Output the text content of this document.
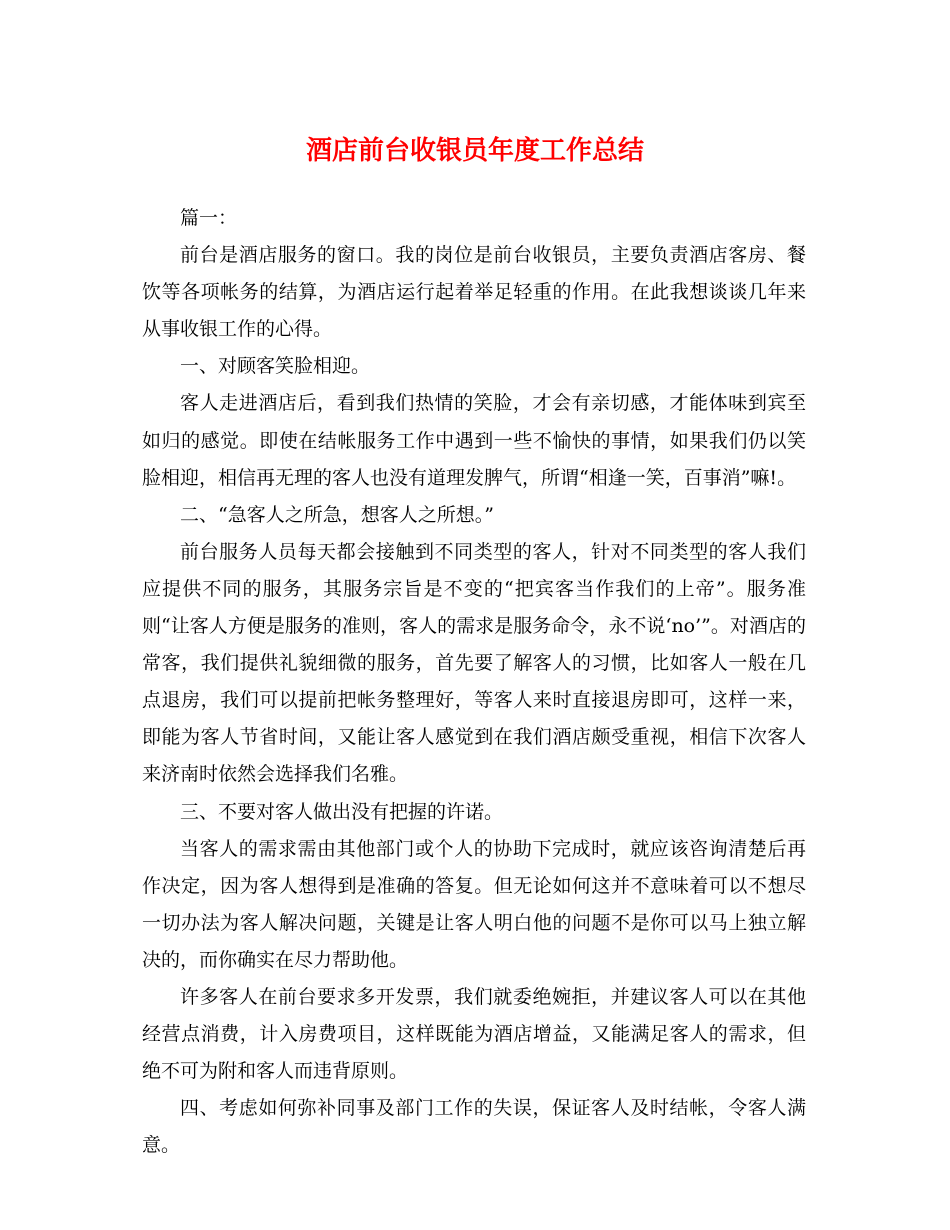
酒店前台收银员年度工作总结

篇一：

前台是酒店服务的窗口。我的岗位是前台收银员，主要负责酒店客房、餐饮等各项帐务的结算，为酒店运行起着举足轻重的作用。在此我想谈谈几年来从事收银工作的心得。

一、对顾客笑脸相迎。

客人走进酒店后，看到我们热情的笑脸，才会有亲切感，才能体味到宾至如归的感觉。即使在结帐服务工作中遇到一些不愉快的事情，如果我们仍以笑脸相迎，相信再无理的客人也没有道理发脾气，所谓“相逢一笑，百事消”嘛!。

二、“急客人之所急，想客人之所想。”

前台服务人员每天都会接触到不同类型的客人，针对不同类型的客人我们应提供不同的服务，其服务宗旨是不变的“把宾客当作我们的上帝”。服务准则“让客人方便是服务的准则，客人的需求是服务命令，永不说‘no’”。对酒店的常客，我们提供礼貌细微的服务，首先要了解客人的习惯，比如客人一般在几点退房，我们可以提前把帐务整理好，等客人来时直接退房即可，这样一来，即能为客人节省时间，又能让客人感觉到在我们酒店颇受重视，相信下次客人来济南时依然会选择我们名雅。

三、不要对客人做出没有把握的许诺。

当客人的需求需由其他部门或个人的协助下完成时，就应该咨询清楚后再作决定，因为客人想得到是准确的答复。但无论如何这并不意味着可以不想尽一切办法为客人解决问题，关键是让客人明白他的问题不是你可以马上独立解决的，而你确实在尽力帮助他。

许多客人在前台要求多开发票，我们就委绝婉拒，并建议客人可以在其他经营点消费，计入房费项目，这样既能为酒店增益，又能满足客人的需求，但绝不可为附和客人而违背原则。

四、考虑如何弥补同事及部门工作的失误，保证客人及时结帐，令客人满意。
